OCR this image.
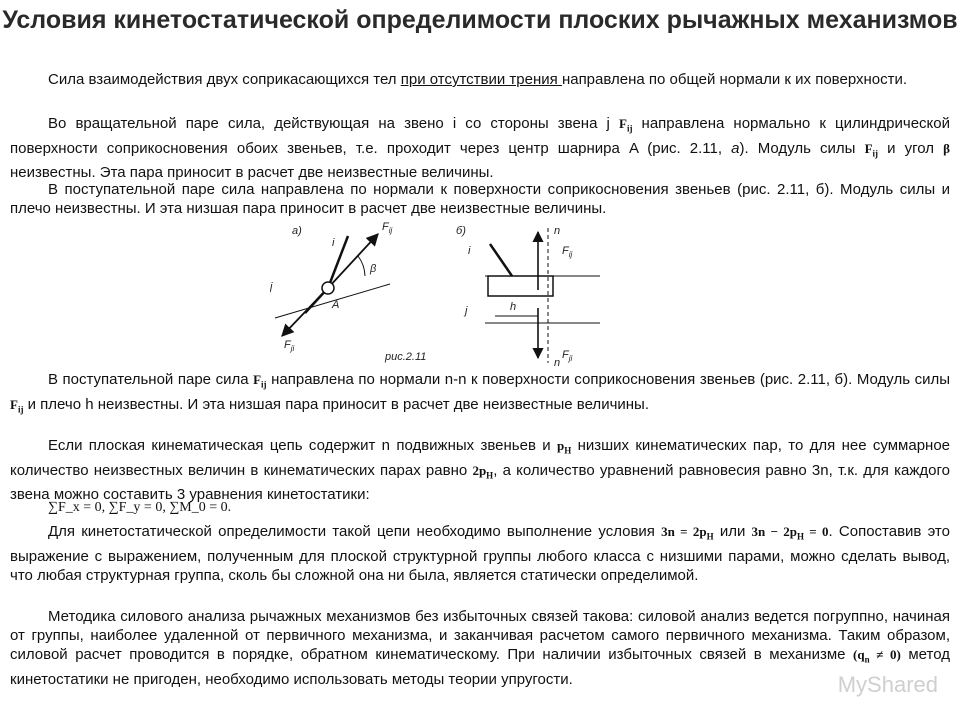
Условия кинетостатической определимости плоских рычажных механизмов

Сила взаимодействия двух соприкасающихся тел при отсутствии трения направлена по общей нормали к их поверхности.

Во вращательной паре сила, действующая на звено i со стороны звена j $F_{ij}$ направлена нормально к цилиндрической поверхности соприкосновения обоих звеньев, т.е. проходит через центр шарнира A (рис. 2.11, а). Модуль силы $F_{ij}$ и угол β неизвестны. Эта пара приносит в расчет две неизвестные величины.

В поступательной паре сила направлена по нормали к поверхности соприкосновения звеньев (рис. 2.11, б). Модуль силы и плечо неизвестны. И эта низшая пара приносит в расчет две неизвестные величины.

а)
i
j
A
β
$F_{ij}$
$F_{ji}$
рис.2.11
б)
i
j	h
n
n
$F_{ij}$
$F_{ji}$

В поступательной паре сила $F_{ij}$ направлена по нормали n-n к поверхности соприкосновения звеньев (рис. 2.11, б). Модуль силы $F_{ij}$ и плечо h неизвестны. И эта низшая пара приносит в расчет две неизвестные величины.

Если плоская кинематическая цепь содержит n подвижных звеньев и $p_H$ низших кинематических пар, то для нее суммарное количество неизвестных величин в кинематических парах равно $2p_H$, а количество уравнений равновесия равно 3n, т.к. для каждого звена можно составить 3 уравнения кинетостатики:

∑F_x = 0, ∑F_y = 0, ∑M_0 = 0.

Для кинетостатической определимости такой цепи необходимо выполнение условия $3n = 2p_H$ или $3n - 2p_H = 0$. Сопоставив это выражение с выражением, полученным для плоской структурной группы любого класса с низшими парами, можно сделать вывод, что любая структурная группа, сколь бы сложной она ни была, является статически определимой.

Методика силового анализа рычажных механизмов без избыточных связей такова: силовой анализ ведется погруппно, начиная от группы, наиболее удаленной от первичного механизма, и заканчивая расчетом самого первичного механизма. Таким образом, силовой расчет проводится в порядке, обратном кинематическому. При наличии избыточных связей в механизме $(q_n \ne 0)$ метод кинетостатики не пригоден, необходимо использовать методы теории упругости.	MyShared
